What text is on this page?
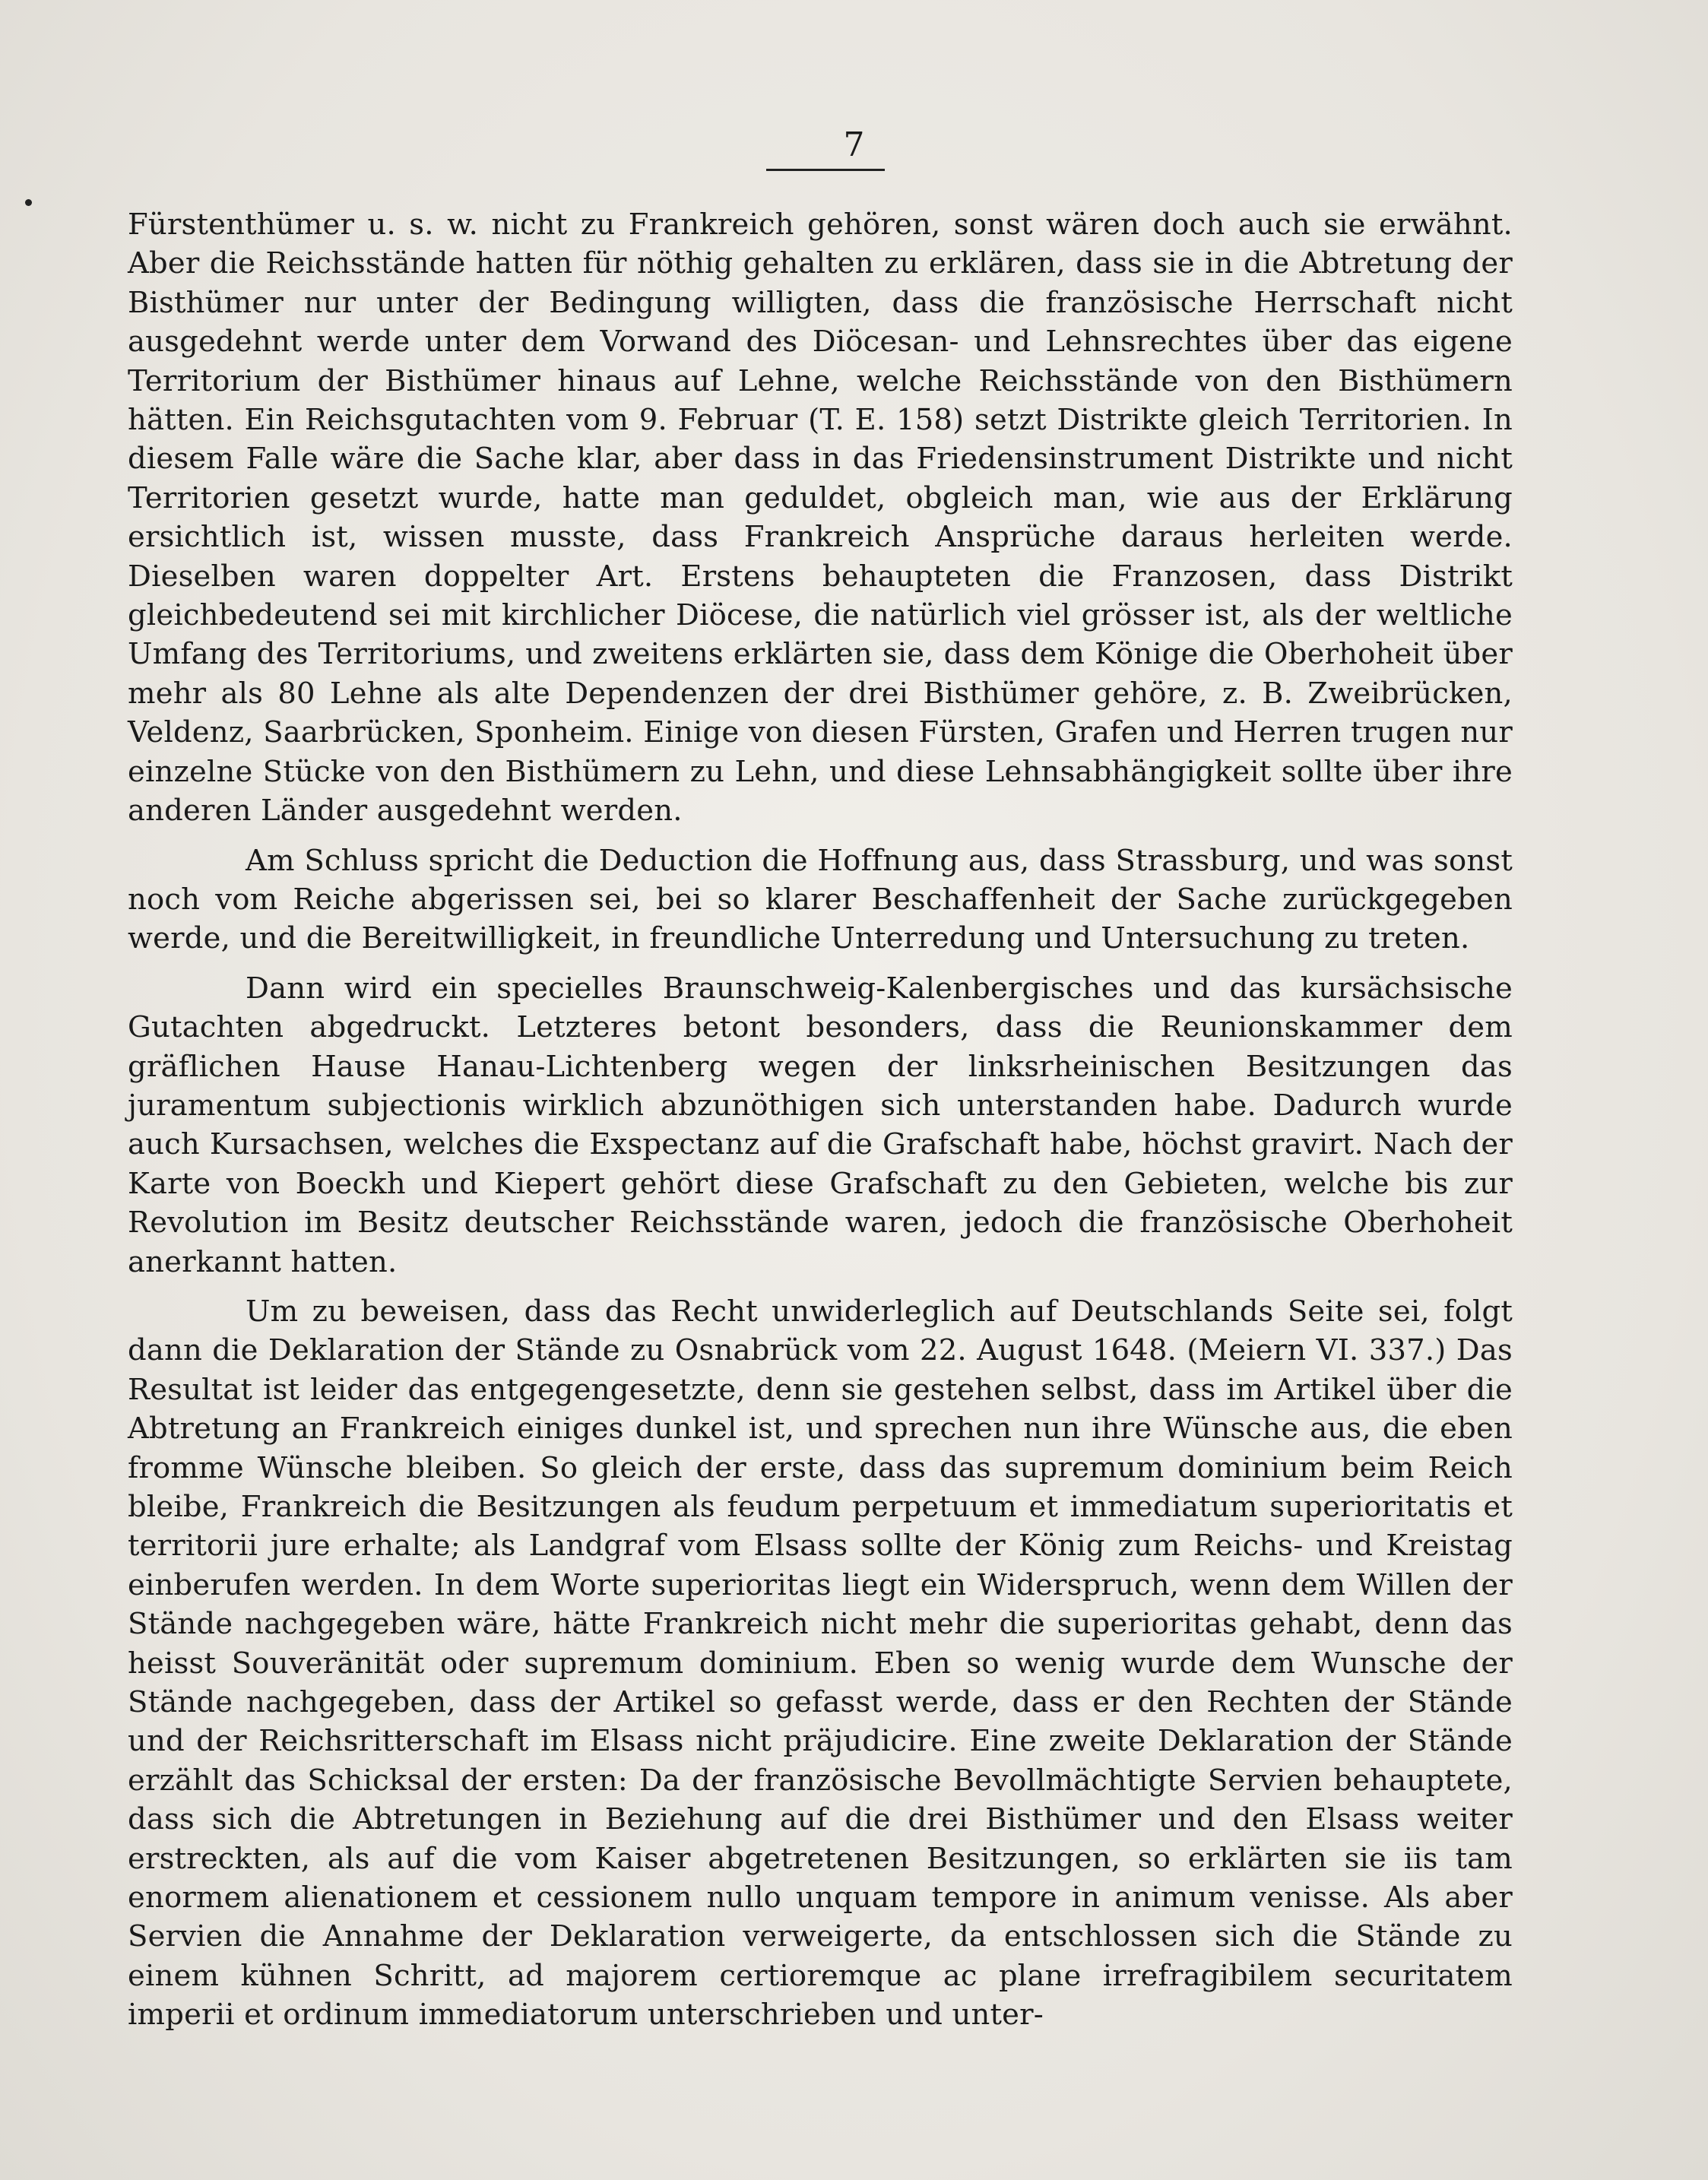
7

Fürstenthümer u. s. w. nicht zu Frankreich gehören, sonst wären doch auch sie erwähnt. Aber die Reichsstände hatten für nöthig gehalten zu erklären, dass sie in die Abtretung der Bisthümer nur unter der Bedingung willigten, dass die französische Herrschaft nicht ausgedehnt werde unter dem Vorwand des Diöcesan- und Lehnsrechtes über das eigene Territorium der Bisthümer hinaus auf Lehne, welche Reichsstände von den Bisthümern hätten. Ein Reichsgutachten vom 9. Februar (T. E. 158) setzt Distrikte gleich Territorien. In diesem Falle wäre die Sache klar, aber dass in das Friedensinstrument Distrikte und nicht Territorien gesetzt wurde, hatte man geduldet, obgleich man, wie aus der Erklärung ersichtlich ist, wissen musste, dass Frankreich Ansprüche daraus herleiten werde. Dieselben waren doppelter Art. Erstens behaupteten die Franzosen, dass Distrikt gleichbedeutend sei mit kirchlicher Diöcese, die natürlich viel grösser ist, als der weltliche Umfang des Territoriums, und zweitens erklärten sie, dass dem Könige die Oberhoheit über mehr als 80 Lehne als alte Dependenzen der drei Bisthümer gehöre, z. B. Zweibrücken, Veldenz, Saarbrücken, Sponheim. Einige von diesen Fürsten, Grafen und Herren trugen nur einzelne Stücke von den Bisthümern zu Lehn, und diese Lehnsabhängigkeit sollte über ihre anderen Länder ausgedehnt werden.

Am Schluss spricht die Deduction die Hoffnung aus, dass Strassburg, und was sonst noch vom Reiche abgerissen sei, bei so klarer Beschaffenheit der Sache zurückgegeben werde, und die Bereitwilligkeit, in freundliche Unterredung und Untersuchung zu treten.

Dann wird ein specielles Braunschweig-Kalenbergisches und das kursächsische Gutachten abgedruckt. Letzteres betont besonders, dass die Reunionskammer dem gräflichen Hause Hanau-Lichtenberg wegen der linksrheinischen Besitzungen das juramentum subjectionis wirklich abzunöthigen sich unterstanden habe. Dadurch wurde auch Kursachsen, welches die Exspectanz auf die Grafschaft habe, höchst gravirt. Nach der Karte von Boeckh und Kiepert gehört diese Grafschaft zu den Gebieten, welche bis zur Revolution im Besitz deutscher Reichsstände waren, jedoch die französische Oberhoheit anerkannt hatten.

Um zu beweisen, dass das Recht unwiderleglich auf Deutschlands Seite sei, folgt dann die Deklaration der Stände zu Osnabrück vom 22. August 1648. (Meiern VI. 337.) Das Resultat ist leider das entgegengesetzte, denn sie gestehen selbst, dass im Artikel über die Abtretung an Frankreich einiges dunkel ist, und sprechen nun ihre Wünsche aus, die eben fromme Wünsche bleiben. So gleich der erste, dass das supremum dominium beim Reich bleibe, Frankreich die Besitzungen als feudum perpetuum et immediatum superioritatis et territorii jure erhalte; als Landgraf vom Elsass sollte der König zum Reichs- und Kreistag einberufen werden. In dem Worte superioritas liegt ein Widerspruch, wenn dem Willen der Stände nachgegeben wäre, hätte Frankreich nicht mehr die superioritas gehabt, denn das heisst Souveränität oder supremum dominium. Eben so wenig wurde dem Wunsche der Stände nachgegeben, dass der Artikel so gefasst werde, dass er den Rechten der Stände und der Reichsritterschaft im Elsass nicht präjudicire. Eine zweite Deklaration der Stände erzählt das Schicksal der ersten: Da der französische Bevollmächtigte Servien behauptete, dass sich die Abtretungen in Beziehung auf die drei Bisthümer und den Elsass weiter erstreckten, als auf die vom Kaiser abgetretenen Besitzungen, so erklärten sie iis tam enormem alienationem et cessionem nullo unquam tempore in animum venisse. Als aber Servien die Annahme der Deklaration verweigerte, da entschlossen sich die Stände zu einem kühnen Schritt, ad majorem certioremque ac plane irrefragibilem securitatem imperii et ordinum immediatorum unterschrieben und unter-
